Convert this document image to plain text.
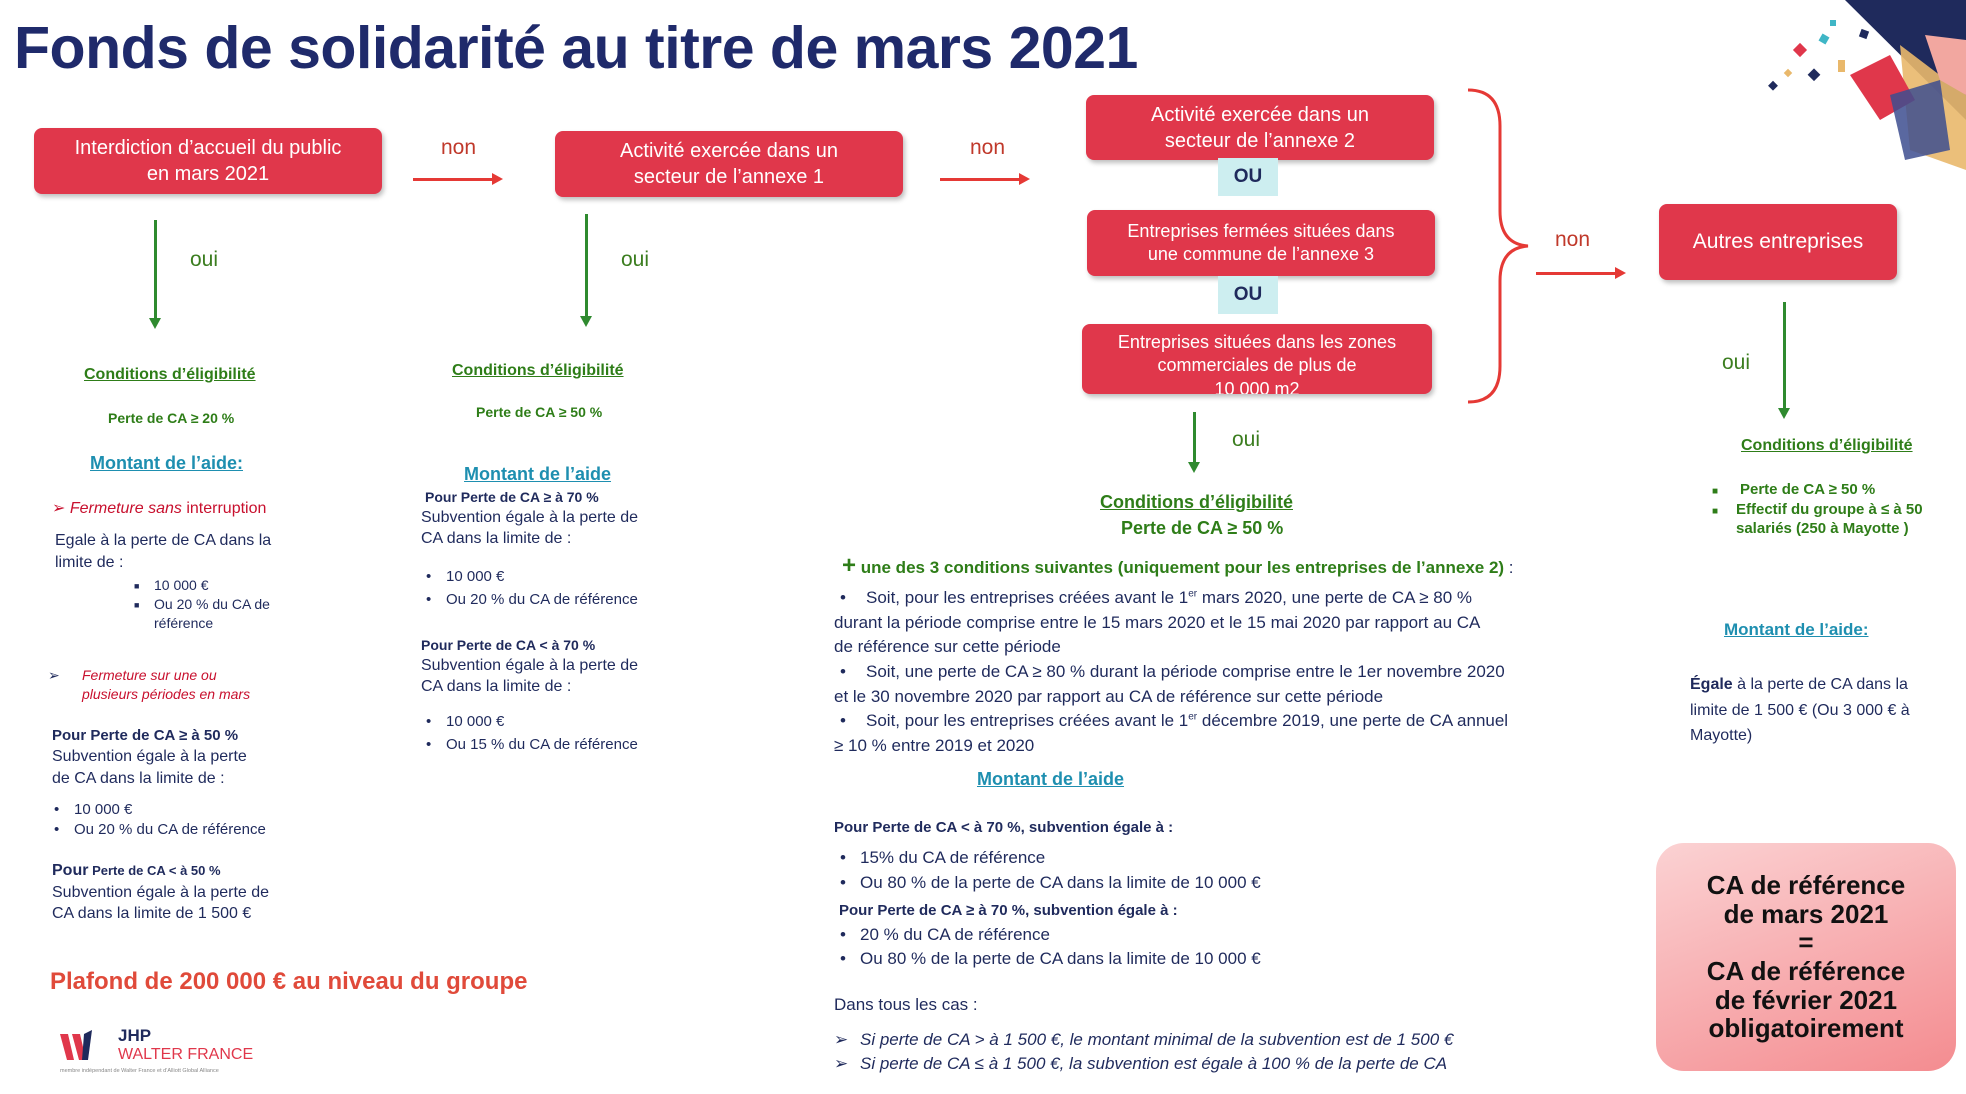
Fonds de solidarité au titre de mars 2021
Interdiction d’accueil du public
en mars 2021
Activité exercée dans un
secteur de l’annexe 1
Activité exercée dans un
secteur de l’annexe 2
OU
Entreprises fermées situées dans
une commune de l’annexe 3
OU
Entreprises situées dans les zones
commerciales de plus de
10 000 m2
Autres entreprises
non	non
non
oui	oui
oui
oui
Conditions d’éligibilité
Perte de CA ≥ 20 %
Montant de l’aide:
➢ Fermeture sans interruption
Egale à la perte de CA dans la
limite de :
■ 10 000 €
■ Ou 20 % du CA de
référence
➢ Fermeture sur une ou
plusieurs périodes en mars
Pour Perte de CA ≥ à 50 %
Subvention égale à la perte
de CA dans la limite de :
• 10 000 €
• Ou 20 % du CA de référence
Pour Perte de CA < à 50 %
Subvention égale à la perte de
CA dans la limite de 1 500 €
Conditions d’éligibilité
Perte de CA ≥ 50 %
Montant de l’aide
Pour Perte de CA ≥ à 70 %
Subvention égale à la perte de
CA dans la limite de :
• 10 000 €
• Ou 20 % du CA de référence
Pour Perte de CA < à 70 %
Subvention égale à la perte de
CA dans la limite de :
• 10 000 €
• Ou 15 % du CA de référence
Conditions d’éligibilité
Perte de CA ≥ 50 %
+ une des 3 conditions suivantes (uniquement pour les entreprises de l’annexe 2) :
• Soit, pour les entreprises créées avant le 1er mars 2020, une perte de CA ≥ 80 %
durant la période comprise entre le 15 mars 2020 et le 15 mai 2020 par rapport au CA
de référence sur cette période
• Soit, une perte de CA ≥ 80 % durant la période comprise entre le 1er novembre 2020
et le 30 novembre 2020 par rapport au CA de référence sur cette période
• Soit, pour les entreprises créées avant le 1er décembre 2019, une perte de CA annuel
≥ 10 % entre 2019 et 2020
Montant de l’aide
Pour Perte de CA < à 70 %, subvention égale à :
• 15% du CA de référence
• Ou 80 % de la perte de CA dans la limite de 10 000 €
Pour Perte de CA ≥ à 70 %, subvention égale à :
• 20 % du CA de référence
• Ou 80 % de la perte de CA dans la limite de 10 000 €
Dans tous les cas :
➢ Si perte de CA > à 1 500 €, le montant minimal de la subvention est de 1 500 €
➢ Si perte de CA ≤ à 1 500 €, la subvention est égale à 100 % de la perte de CA
Conditions d’éligibilité
■ Perte de CA ≥ 50 %
■ Effectif du groupe à ≤ à 50
salariés (250 à Mayotte )
Montant de l’aide:
Égale à la perte de CA dans la
limite de 1 500 € (Ou 3 000 € à
Mayotte)
Plafond de 200 000 € au niveau du groupe
CA de référence
de mars 2021
=
CA de référence
de février 2021
obligatoirement
JHP
WALTER FRANCE
membre indépendant de Walter France et d’Alliott Global Alliance
